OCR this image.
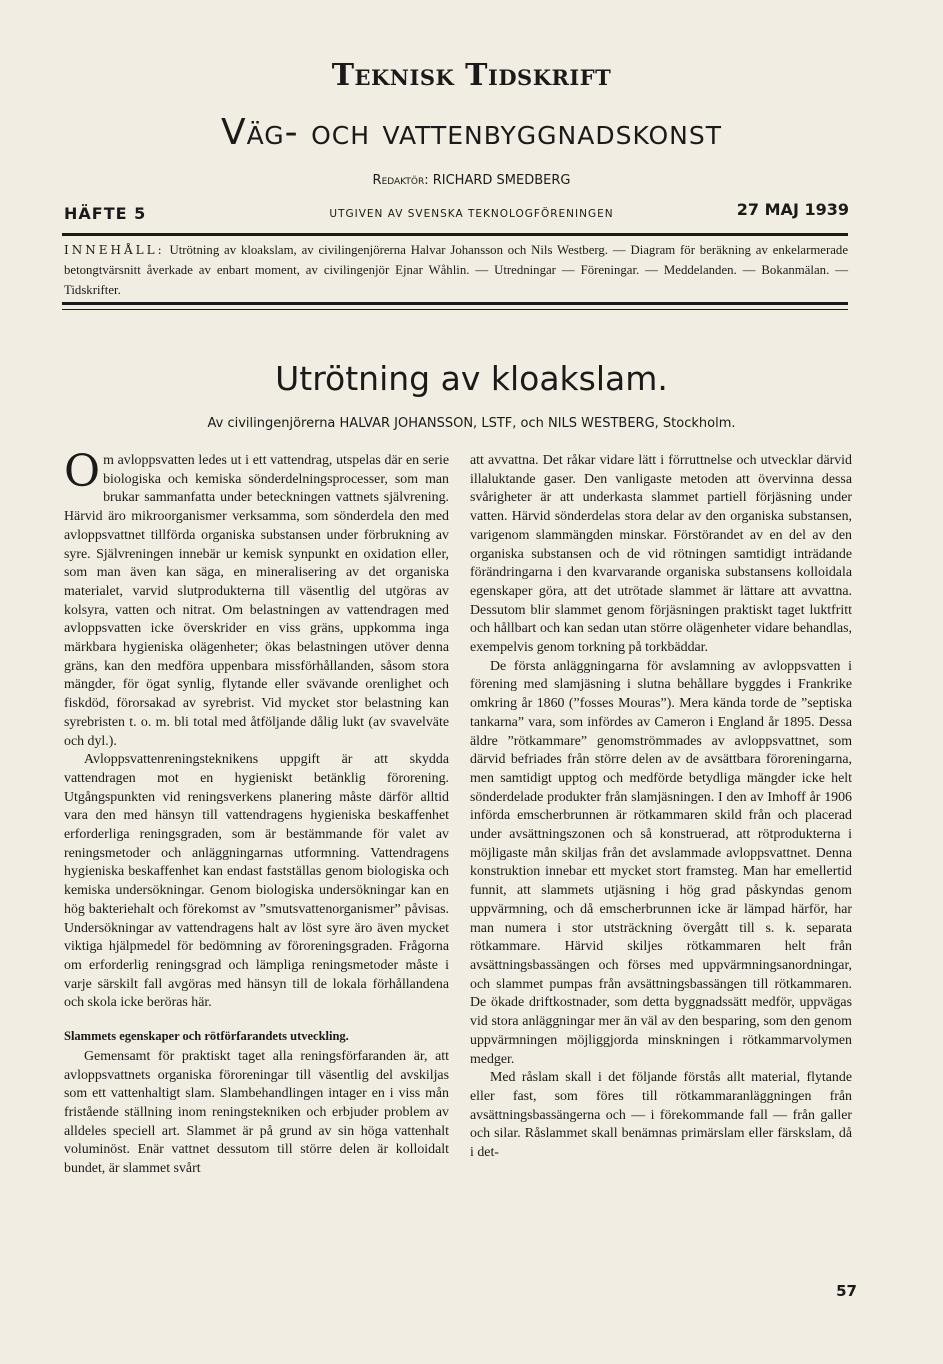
Teknisk Tidskrift
Väg- och vattenbyggnadskonst
Redaktör: RICHARD SMEDBERG
HÄFTE 5	UTGIVEN AV SVENSKA TEKNOLOGFÖRENINGEN	27 MAJ 1939
INNEHÅLL: Utrötning av kloakslam, av civilingenjörerna Halvar Johansson och Nils Westberg. — Diagram för beräkning av enkelarmerade betongtvärsnitt åverkade av enbart moment, av civilingenjör Ejnar Wåhlin. — Utredningar — Föreningar. — Meddelanden. — Bokanmälan. — Tidskrifter.
Utrötning av kloakslam.
Av civilingenjörerna HALVAR JOHANSSON, LSTF, och NILS WESTBERG, Stockholm.

Om avloppsvatten ledes ut i ett vattendrag, utspelas där en serie biologiska och kemiska sönderdelningsprocesser, som man brukar sammanfatta under beteckningen vattnets självrening. Härvid äro mikroorganismer verksamma, som sönderdela den med avloppsvattnet tillförda organiska substansen under förbrukning av syre. Självreningen innebär ur kemisk synpunkt en oxidation eller, som man även kan säga, en mineralisering av det organiska materialet, varvid slutprodukterna till väsentlig del utgöras av kolsyra, vatten och nitrat. Om belastningen av vattendragen med avloppsvatten icke överskrider en viss gräns, uppkomma inga märkbara hygieniska olägenheter; ökas belastningen utöver denna gräns, kan den medföra uppenbara missförhållanden, såsom stora mängder, för ögat synlig, flytande eller svävande orenlighet och fiskdöd, förorsakad av syrebrist. Vid mycket stor belastning kan syrebristen t. o. m. bli total med åtföljande dålig lukt (av svavelväte och dyl.).

Avloppsvattenreningsteknikens uppgift är att skydda vattendragen mot en hygieniskt betänklig förorening. Utgångspunkten vid reningsverkens planering måste därför alltid vara den med hänsyn till vattendragens hygieniska beskaffenhet erforderliga reningsgraden, som är bestämmande för valet av reningsmetoder och anläggningarnas utformning. Vattendragens hygieniska beskaffenhet kan endast fastställas genom biologiska och kemiska undersökningar. Genom biologiska undersökningar kan en hög bakteriehalt och förekomst av ”smutsvattenorganismer” påvisas. Undersökningar av vattendragens halt av löst syre äro även mycket viktiga hjälpmedel för bedömning av föroreningsgraden. Frågorna om erforderlig reningsgrad och lämpliga reningsmetoder måste i varje särskilt fall avgöras med hänsyn till de lokala förhållandena och skola icke beröras här.

Slammets egenskaper och rötförfarandets utveckling.

Gemensamt för praktiskt taget alla reningsförfaranden är, att avloppsvattnets organiska föroreningar till väsentlig del avskiljas som ett vattenhaltigt slam. Slambehandlingen intager en i viss mån fristående ställning inom reningstekniken och erbjuder problem av alldeles speciell art. Slammet är på grund av sin höga vattenhalt voluminöst. Enär vattnet dessutom till större delen är kolloidalt bundet, är slammet svårt

att avvattna. Det råkar vidare lätt i förruttnelse och utvecklar därvid illaluktande gaser. Den vanligaste metoden att övervinna dessa svårigheter är att underkasta slammet partiell förjäsning under vatten. Härvid sönderdelas stora delar av den organiska substansen, varigenom slammängden minskar. Förstörandet av en del av den organiska substansen och de vid rötningen samtidigt inträdande förändringarna i den kvarvarande organiska substansens kolloidala egenskaper göra, att det utrötade slammet är lättare att avvattna. Dessutom blir slammet genom förjäsningen praktiskt taget luktfritt och hållbart och kan sedan utan större olägenheter vidare behandlas, exempelvis genom torkning på torkbäddar.

De första anläggningarna för avslamning av avloppsvatten i förening med slamjäsning i slutna behållare byggdes i Frankrike omkring år 1860 (”fosses Mouras”). Mera kända torde de ”septiska tankarna” vara, som infördes av Cameron i England år 1895. Dessa äldre ”rötkammare” genomströmmades av avloppsvattnet, som därvid befriades från större delen av de avsättbara föroreningarna, men samtidigt upptog och medförde betydliga mängder icke helt sönderdelade produkter från slamjäsningen. I den av Imhoff år 1906 införda emscherbrunnen är rötkammaren skild från och placerad under avsättningszonen och så konstruerad, att rötprodukterna i möjligaste mån skiljas från det avslammade avloppsvattnet. Denna konstruktion innebar ett mycket stort framsteg. Man har emellertid funnit, att slammets utjäsning i hög grad påskyndas genom uppvärmning, och då emscherbrunnen icke är lämpad härför, har man numera i stor utsträckning övergått till s. k. separata rötkammare. Härvid skiljes rötkammaren helt från avsättningsbassängen och förses med uppvärmningsanordningar, och slammet pumpas från avsättningsbassängen till rötkammaren. De ökade driftkostnader, som detta byggnadssätt medför, uppvägas vid stora anläggningar mer än väl av den besparing, som den genom uppvärmningen möjliggjorda minskningen i rötkammarvolymen medger.

Med råslam skall i det följande förstås allt material, flytande eller fast, som föres till rötkammaranläggningen från avsättningsbassängerna och — i förekommande fall — från galler och silar. Råslammet skall benämnas primärslam eller färskslam, då i det-

57
